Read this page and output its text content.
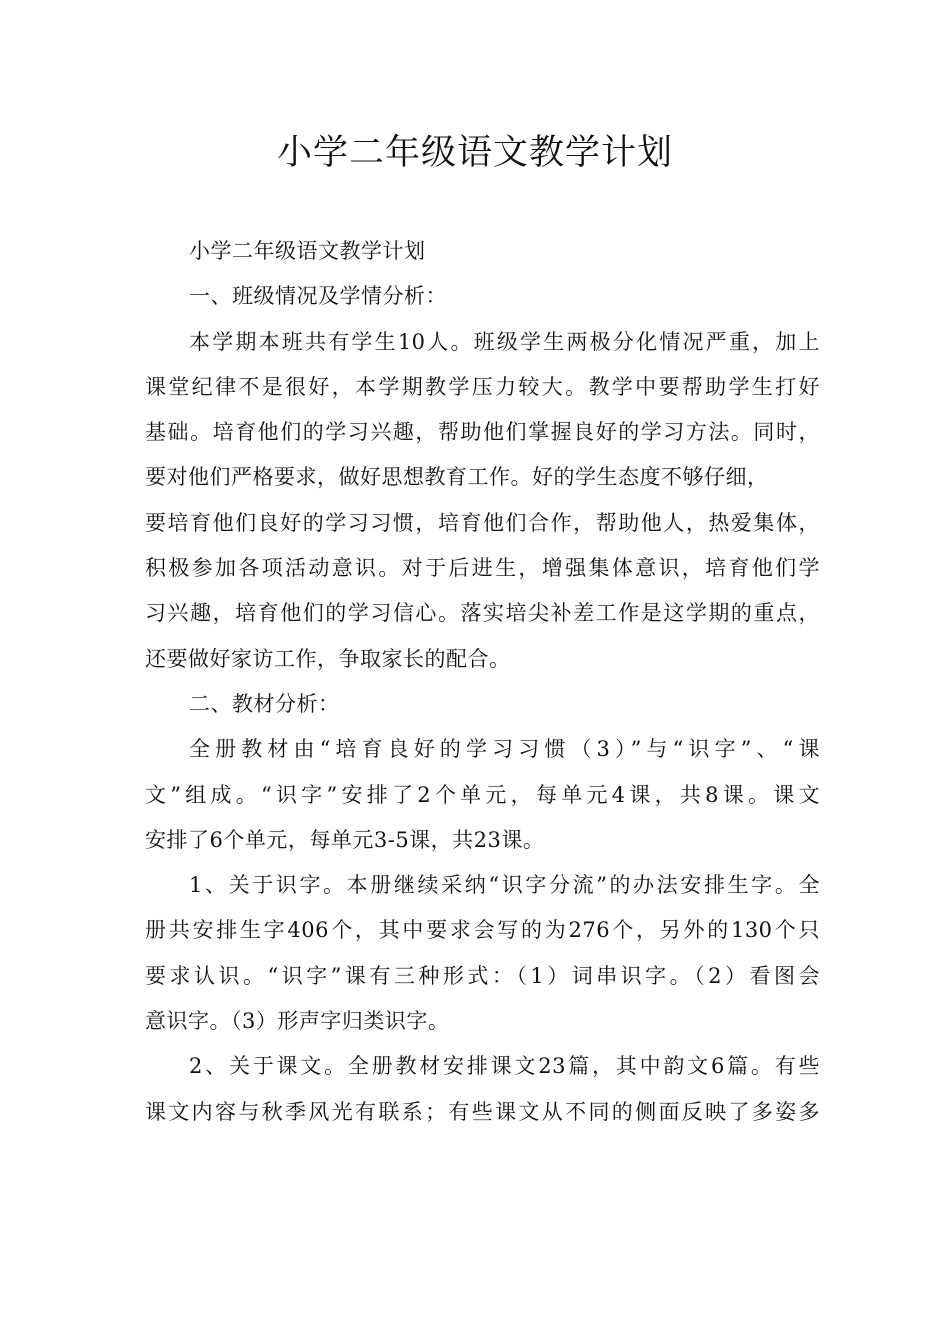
小学二年级语文教学计划
小学二年级语文教学计划
一、班级情况及学情分析：
本学期本班共有学生10人。班级学生两极分化情况严重，加上
课堂纪律不是很好，本学期教学压力较大。教学中要帮助学生打好
基础。培育他们的学习兴趣，帮助他们掌握良好的学习方法。同时，
要对他们严格要求，做好思想教育工作。好的学生态度不够仔细，
要培育他们良好的学习习惯，培育他们合作，帮助他人，热爱集体，
积极参加各项活动意识。对于后进生，增强集体意识，培育他们学
习兴趣，培育他们的学习信心。落实培尖补差工作是这学期的重点，
还要做好家访工作，争取家长的配合。
二、教材分析：
全册教材由“培育良好的学习习惯（3）”与“识字”、“课
文”组成。“识字”安排了2个单元，每单元4课，共8课。课文
安排了6个单元，每单元3-5课，共23课。
1、关于识字。本册继续采纳“识字分流”的办法安排生字。全
册共安排生字406个，其中要求会写的为276个，另外的130个只
要求认识。“识字”课有三种形式：（1）词串识字。（2）看图会
意识字。（3）形声字归类识字。
2、关于课文。全册教材安排课文23篇，其中韵文6篇。有些
课文内容与秋季风光有联系；有些课文从不同的侧面反映了多姿多
